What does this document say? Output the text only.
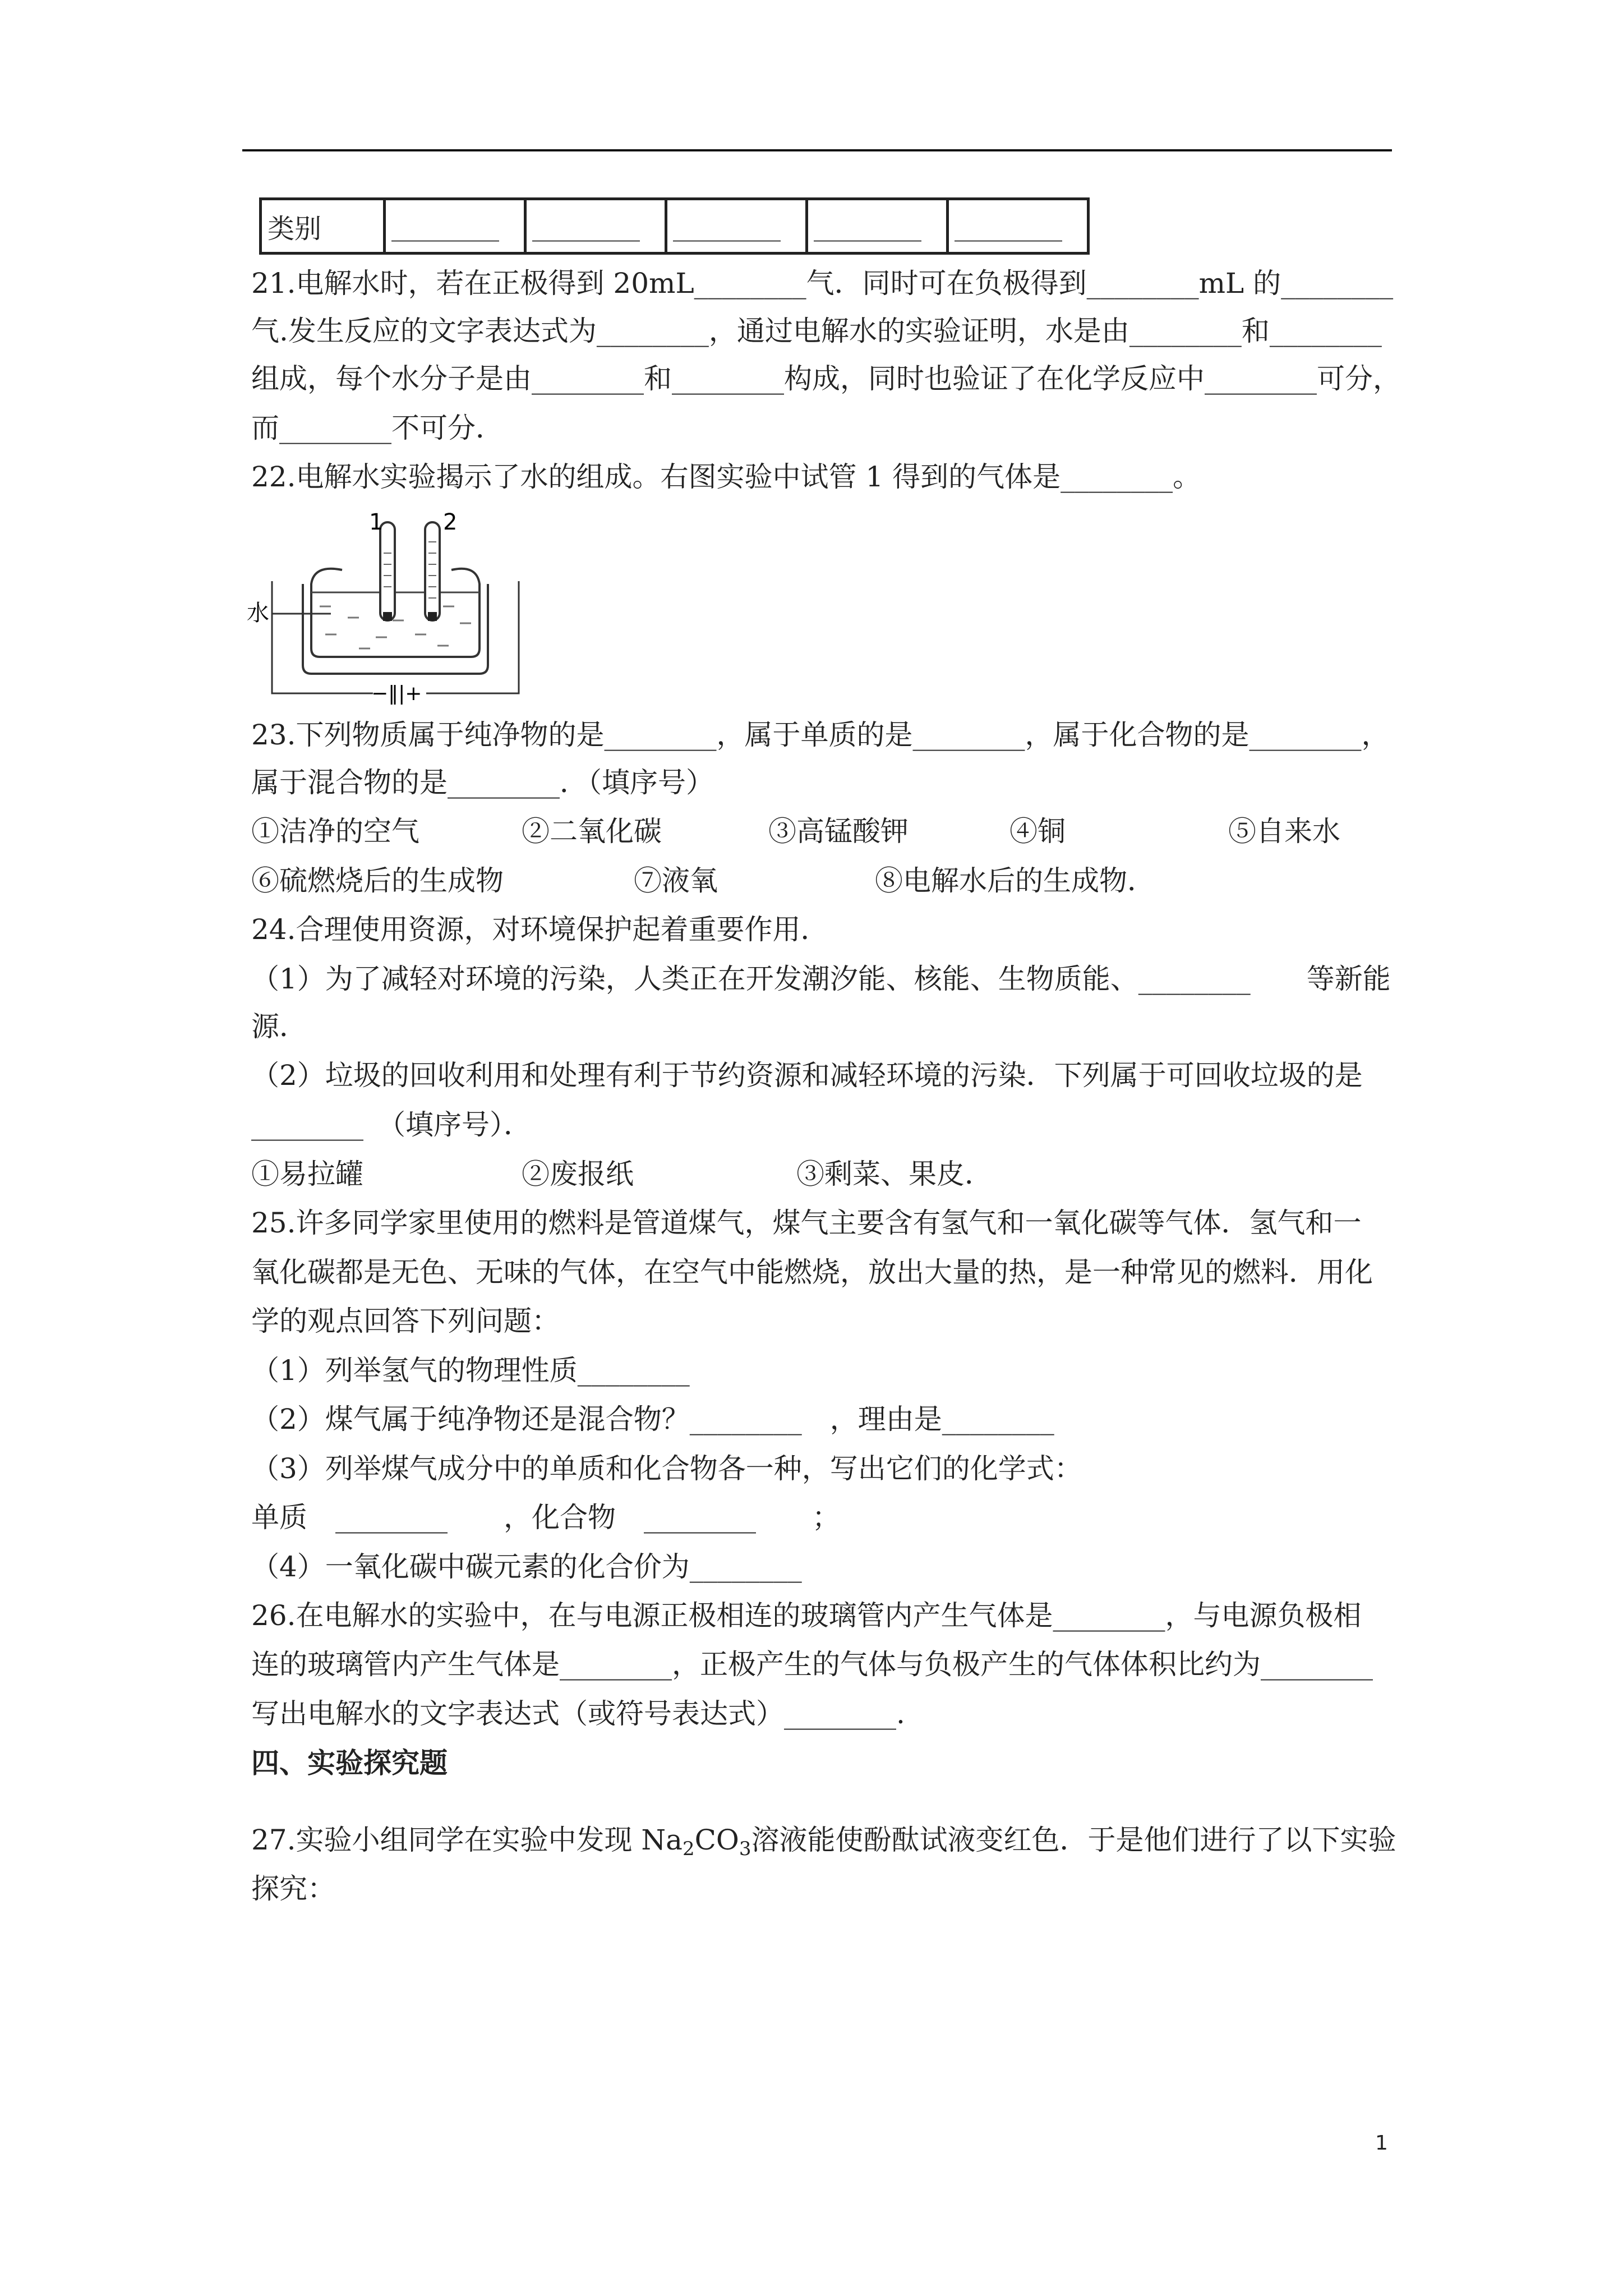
类别	________	________	________	________	________
21.电解水时，若在正极得到 20mL________气．同时可在负极得到________mL 的________
气.发生反应的文字表达式为________，通过电解水的实验证明，水是由________和________
组成，每个水分子是由________和________构成，同时也验证了在化学反应中________可分，
而________不可分．
22.电解水实验揭示了水的组成。右图实验中试管 1 得到的气体是________。
1	2
水
−‖|+
23.下列物质属于纯净物的是________，属于单质的是________，属于化合物的是________，
属于混合物的是________．（填序号）
①洁净的空气	②二氧化碳	③高锰酸钾	④铜	⑤自来水
⑥硫燃烧后的生成物	⑦液氧	⑧电解水后的生成物．
24.合理使用资源，对环境保护起着重要作用．
（1）为了减轻对环境的污染，人类正在开发潮汐能、核能、生物质能、________　　等新能
源．
（2）垃圾的回收利用和处理有利于节约资源和减轻环境的污染．下列属于可回收垃圾的是
________　（填序号）．
①易拉罐	②废报纸	③剩菜、果皮．
25.许多同学家里使用的燃料是管道煤气，煤气主要含有氢气和一氧化碳等气体．氢气和一
氧化碳都是无色、无味的气体，在空气中能燃烧，放出大量的热，是一种常见的燃料．用化
学的观点回答下列问题：
（1）列举氢气的物理性质________
（2）煤气属于纯净物还是混合物？________　，理由是________
（3）列举煤气成分中的单质和化合物各一种，写出它们的化学式：
单质　________　　，化合物　________　　；
（4）一氧化碳中碳元素的化合价为________
26.在电解水的实验中，在与电源正极相连的玻璃管内产生气体是________，与电源负极相
连的玻璃管内产生气体是________，正极产生的气体与负极产生的气体体积比约为________
写出电解水的文字表达式（或符号表达式）________.
四、实验探究题
27.实验小组同学在实验中发现 $Na_2CO_3$溶液能使酚酞试液变红色．于是他们进行了以下实验
探究：
1
